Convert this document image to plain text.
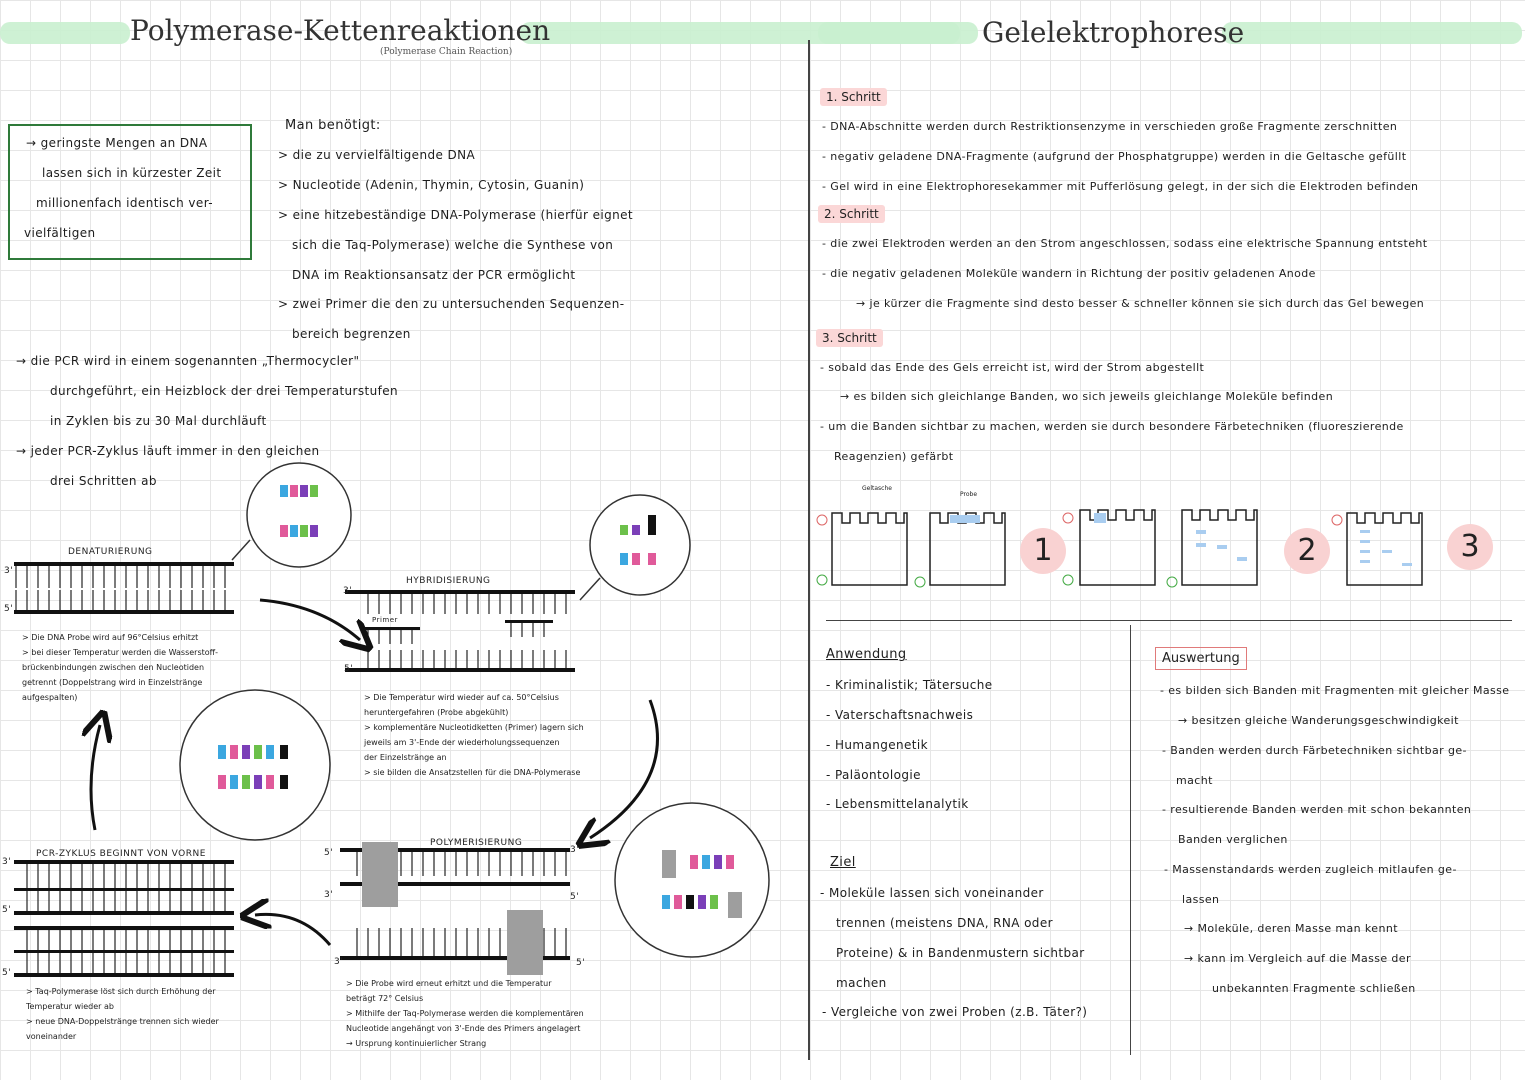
Polymerase-Kettenreaktionen
(Polymerase Chain Reaction)
→ geringste Mengen an DNA
lassen sich in kürzester Zeit
millionenfach identisch ver-
vielfältigen
Man benötigt:
> die zu vervielfältigende DNA
> Nucleotide (Adenin, Thymin, Cytosin, Guanin)
> eine hitzebeständige DNA-Polymerase (hierfür eignet
sich die Taq-Polymerase) welche die Synthese von
DNA im Reaktionsansatz der PCR ermöglicht
> zwei Primer die den zu untersuchenden Sequenzen-
bereich begrenzen
→ die PCR wird in einem sogenannten „Thermocycler"
durchgeführt, ein Heizblock der drei Temperaturstufen
in Zyklen bis zu 30 Mal durchläuft
→ jeder PCR-Zyklus läuft immer in den gleichen
drei Schritten ab
DENATURIERUNG
HYBRIDISIERUNG
Primer
POLYMERISIERUNG
PCR-ZYKLUS BEGINNT VON VORNE
3'
5'
3'
5'
5'	3'
3'	5'
3'	5'
3'
5'
5'
> Die DNA Probe wird auf 96°Celsius erhitzt
> bei dieser Temperatur werden die Wasserstoff-
brückenbindungen zwischen den Nucleotiden
getrennt (Doppelstrang wird in Einzelstränge
aufgespalten)	> Die Temperatur wird wieder auf ca. 50°Celsius
heruntergefahren (Probe abgekühlt)
> komplementäre Nucleotidketten (Primer) lagern sich
jeweils am 3'-Ende der wiederholungssequenzen
der Einzelstränge an
> sie bilden die Ansatzstellen für die DNA-Polymerase
> Die Probe wird erneut erhitzt und die Temperatur
beträgt 72° Celsius
> Mithilfe der Taq-Polymerase werden die komplementären
Nucleotide angehängt von 3'-Ende des Primers angelagert
→ Ursprung kontinuierlicher Strang
> Taq-Polymerase löst sich durch Erhöhung der
Temperatur wieder ab
> neue DNA-Doppelstränge trennen sich wieder
voneinander
Gelelektrophorese
1. Schritt
- DNA-Abschnitte werden durch Restriktionsenzyme in verschieden große Fragmente zerschnitten
- negativ geladene DNA-Fragmente (aufgrund der Phosphatgruppe) werden in die Geltasche gefüllt
- Gel wird in eine Elektrophoresekammer mit Pufferlösung gelegt, in der sich die Elektroden befinden
2. Schritt
- die zwei Elektroden werden an den Strom angeschlossen, sodass eine elektrische Spannung entsteht
- die negativ geladenen Moleküle wandern in Richtung der positiv geladenen Anode
→ je kürzer die Fragmente sind desto besser & schneller können sie sich durch das Gel bewegen
3. Schritt
- sobald das Ende des Gels erreicht ist, wird der Strom abgestellt
→ es bilden sich gleichlange Banden, wo sich jeweils gleichlange Moleküle befinden
- um die Banden sichtbar zu machen, werden sie durch besondere Färbetechniken (fluoreszierende
Reagenzien) gefärbt
Geltasche
Probe
1	2	3
Anwendung
- Kriminalistik; Tätersuche
- Vaterschaftsnachweis
- Humangenetik
- Paläontologie
- Lebensmittelanalytik
Ziel
- Moleküle lassen sich voneinander
trennen (meistens DNA, RNA oder
Proteine) & in Bandenmustern sichtbar
machen
- Vergleiche von zwei Proben (z.B. Täter?)
Auswertung
- es bilden sich Banden mit Fragmenten mit gleicher Masse
→ besitzen gleiche Wanderungsgeschwindigkeit
- Banden werden durch Färbetechniken sichtbar ge-
macht
- resultierende Banden werden mit schon bekannten
Banden verglichen
- Massenstandards werden zugleich mitlaufen ge-
lassen
→ Moleküle, deren Masse man kennt
→ kann im Vergleich auf die Masse der
unbekannten Fragmente schließen
